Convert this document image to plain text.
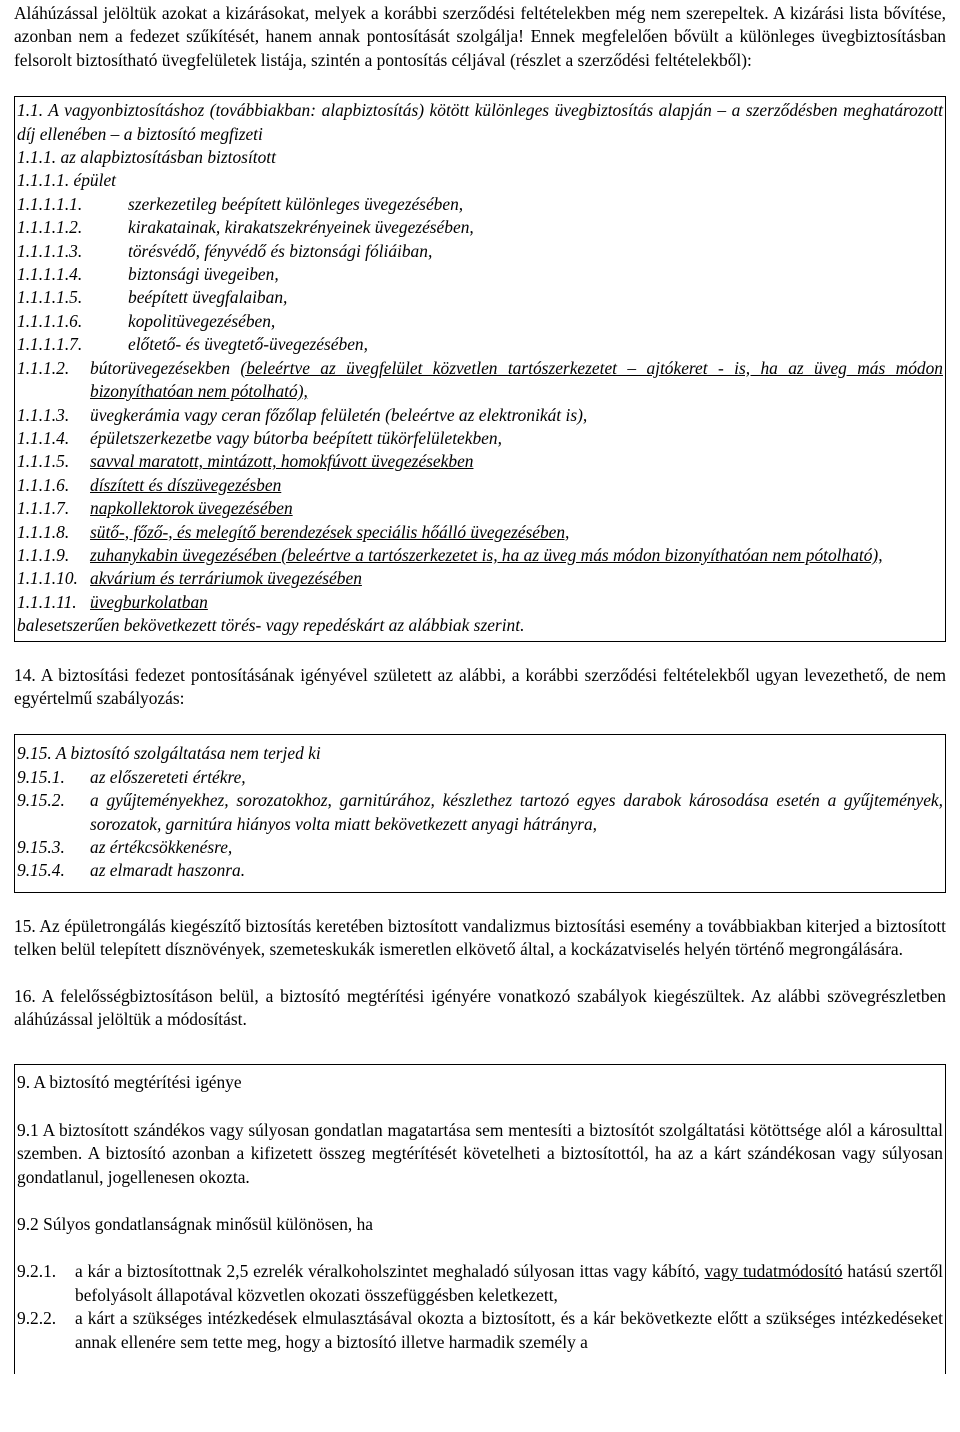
Aláhúzással jelöltük azokat a kizárásokat, melyek a korábbi szerződési feltételekben még nem szerepeltek. A kizárási lista bővítése, azonban nem a fedezet szűkítését, hanem annak pontosítását szolgálja! Ennek megfelelően bővült a különleges üvegbiztosításban felsorolt biztosítható üvegfelületek listája, szintén a pontosítás céljával (részlet a szerződési feltételekből):

1.1. A vagyonbiztosításhoz (továbbiakban: alapbiztosítás) kötött különleges üvegbiztosítás alapján – a szerződésben meghatározott díj ellenében – a biztosító megfizeti

1.1.1. az alapbiztosításban biztosított
1.1.1.1. épület
1.1.1.1.1.	szerkezetileg beépített különleges üvegezésében,
1.1.1.1.2.	kirakatainak, kirakatszekrényeinek üvegezésében,
1.1.1.1.3.	törésvédő, fényvédő és biztonsági fóliáiban,
1.1.1.1.4.	biztonsági üvegeiben,
1.1.1.1.5.	beépített üvegfalaiban,
1.1.1.1.6.	kopolitüvegezésében,
1.1.1.1.7.	előtető- és üvegtető-üvegezésében,
1.1.1.2.	bútorüvegezésekben (beleértve az üvegfelület közvetlen tartószerkezetet – ajtókeret - is, ha az üveg más módon bizonyíthatóan nem pótolható),
1.1.1.3.	üvegkerámia vagy ceran főzőlap felületén (beleértve az elektronikát is),
1.1.1.4.	épületszerkezetbe vagy bútorba beépített tükörfelületekben,
1.1.1.5.	savval maratott, mintázott, homokfúvott üvegezésekben
1.1.1.6.	díszített és díszüvegezésben
1.1.1.7.	napkollektorok üvegezésében
1.1.1.8.	sütő-, főző-, és melegítő berendezések speciális hőálló üvegezésében,
1.1.1.9.	zuhanykabin üvegezésében (beleértve a tartószerkezetet is, ha az üveg más módon bizonyíthatóan nem pótolható),
1.1.1.10. akvárium és terráriumok üvegezésében
1.1.1.11. üvegburkolatban
balesetszerűen bekövetkezett törés- vagy repedéskárt az alábbiak szerint.

14. A biztosítási fedezet pontosításának igényével született az alábbi, a korábbi szerződési feltételekből ugyan levezethető, de nem egyértelmű szabályozás:

9.15. A biztosító szolgáltatása nem terjed ki
9.15.1.	az előszereteti értékre,
9.15.2.	a gyűjteményekhez, sorozatokhoz, garnitúrához, készlethez tartozó egyes darabok károsodása esetén a gyűjtemények, sorozatok, garnitúra hiányos volta miatt bekövetkezett anyagi hátrányra,
9.15.3.	az értékcsökkenésre,
9.15.4.	az elmaradt haszonra.

15. Az épületrongálás kiegészítő biztosítás keretében biztosított vandalizmus biztosítási esemény a továbbiakban kiterjed a biztosított telken belül telepített dísznövények, szemeteskukák ismeretlen elkövető által, a kockázatviselés helyén történő megrongálására.

16. A felelősségbiztosításon belül, a biztosító megtérítési igényére vonatkozó szabályok kiegészültek. Az alábbi szövegrészletben aláhúzással jelöltük a módosítást.

9. A biztosító megtérítési igénye

9.1 A biztosított szándékos vagy súlyosan gondatlan magatartása sem mentesíti a biztosítót szolgáltatási kötöttsége alól a károsulttal szemben. A biztosító azonban a kifizetett összeg megtérítését követelheti a biztosítottól, ha az a kárt szándékosan vagy súlyosan gondatlanul, jogellenesen okozta.

9.2 Súlyos gondatlanságnak minősül különösen, ha
9.2.1.	a kár a biztosítottnak 2,5 ezrelék véralkoholszintet meghaladó súlyosan ittas vagy kábító, vagy tudatmódosító hatású szertől befolyásolt állapotával közvetlen okozati összefüggésben keletkezett,
9.2.2.	a kárt a szükséges intézkedések elmulasztásával okozta a biztosított, és a kár bekövetkezte előtt a szükséges intézkedéseket annak ellenére sem tette meg, hogy a biztosító illetve harmadik személy a
